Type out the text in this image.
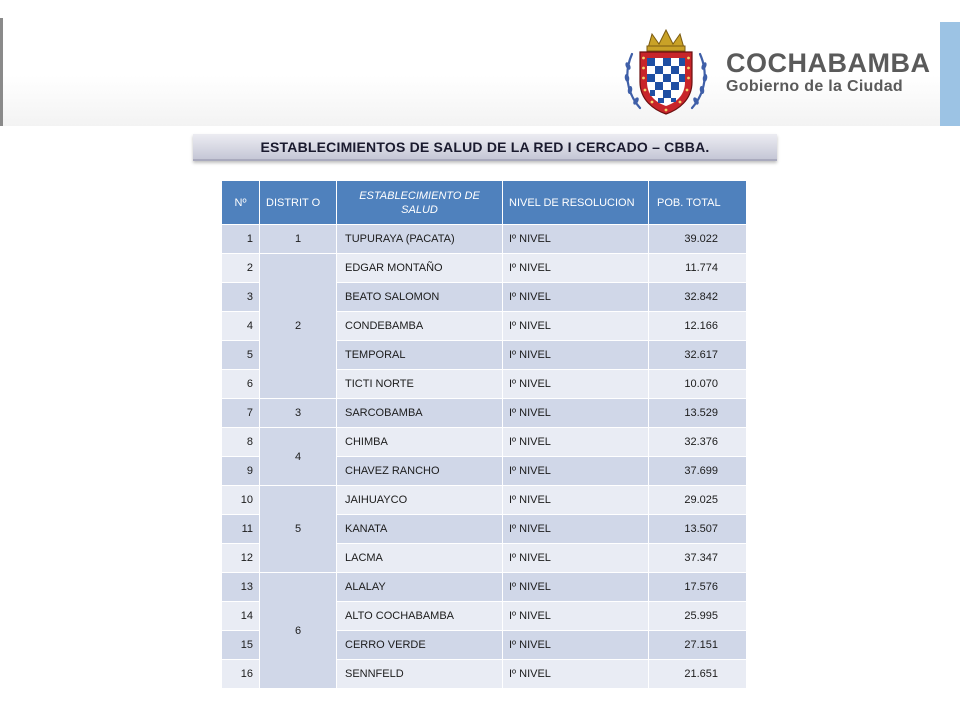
COCHABAMBA
Gobierno de la Ciudad
ESTABLECIMIENTOS DE SALUD DE LA RED I CERCADO – CBBA.
Nº	DISTRIT O	ESTABLECIMIENTO DE SALUD	NIVEL DE RESOLUCION	POB. TOTAL
1	1	TUPURAYA (PACATA)	Iº NIVEL	39.022
2	2	EDGAR MONTAÑO	Iº NIVEL	11.774
3		BEATO SALOMON	Iº NIVEL	32.842
4		CONDEBAMBA	Iº NIVEL	12.166
5		TEMPORAL	Iº NIVEL	32.617
6		TICTI NORTE	Iº NIVEL	10.070
7	3	SARCOBAMBA	Iº NIVEL	13.529
8	4	CHIMBA	Iº NIVEL	32.376
9		CHAVEZ RANCHO	Iº NIVEL	37.699
10	5	JAIHUAYCO	Iº NIVEL	29.025
11		KANATA	Iº NIVEL	13.507
12		LACMA	Iº NIVEL	37.347
13	6	ALALAY	Iº NIVEL	17.576
14		ALTO COCHABAMBA	Iº NIVEL	25.995
15		CERRO VERDE	Iº NIVEL	27.151
16		SENNFELD	Iº NIVEL	21.651
